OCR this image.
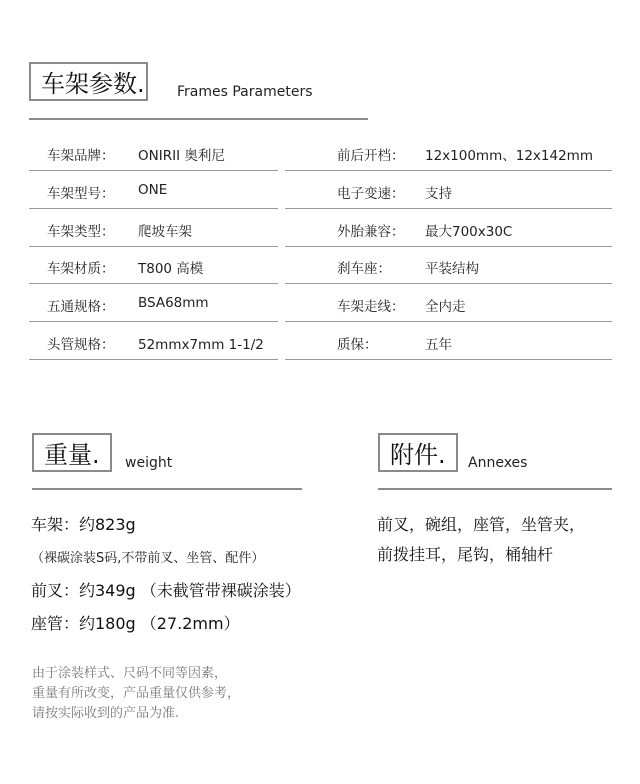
车架参数. Frames Parameters
车架品牌： ONIRII 奥利尼
车架型号： ONE
车架类型： 爬坡车架
车架材质： T800 高模
五通规格： BSA68mm
头管规格： 52mmx7mm 1-1/2
前后开档： 12x100mm、12x142mm
电子变速： 支持
外胎兼容： 最大700x30C
刹车座：	平装结构
车架走线： 全内走
质保：	五年
重量. weight
车架：约823g
（裸碳涂装S码,不带前叉、坐管、配件）
前叉：约349g （未截管带裸碳涂装）
座管：约180g （27.2mm）
由于涂装样式、尺码不同等因素，
重量有所改变，产品重量仅供参考，
请按实际收到的产品为准.
附件. Annexes
前叉，碗组，座管，坐管夹，
前拨挂耳，尾钩，桶轴杆
